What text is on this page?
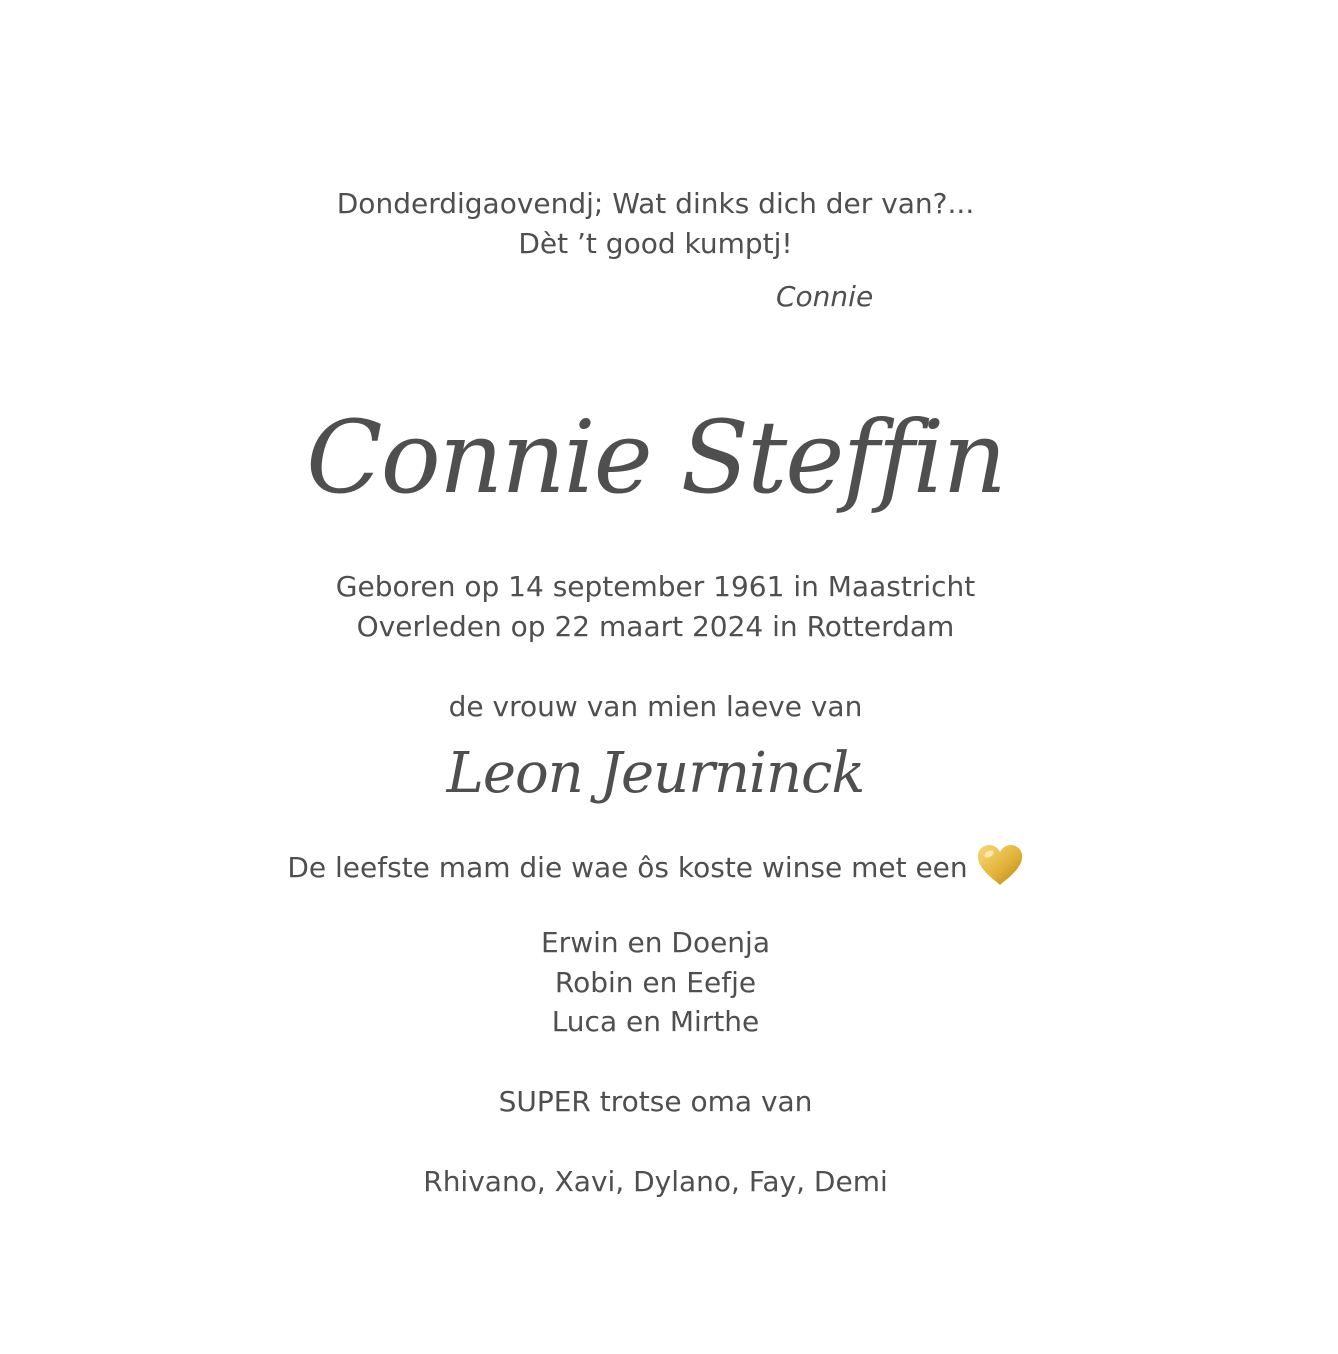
Donderdigaovendj; Wat dinks dich der van?...
Dèt ’t good kumptj!
Connie
Connie Steffin
Geboren op 14 september 1961 in Maastricht
Overleden op 22 maart 2024 in Rotterdam
de vrouw van mien laeve van
Leon Jeurninck
De leefste mam die wae ôs koste winse met een
Erwin en Doenja
Robin en Eefje
Luca en Mirthe
SUPER trotse oma van
Rhivano, Xavi, Dylano, Fay, Demi
